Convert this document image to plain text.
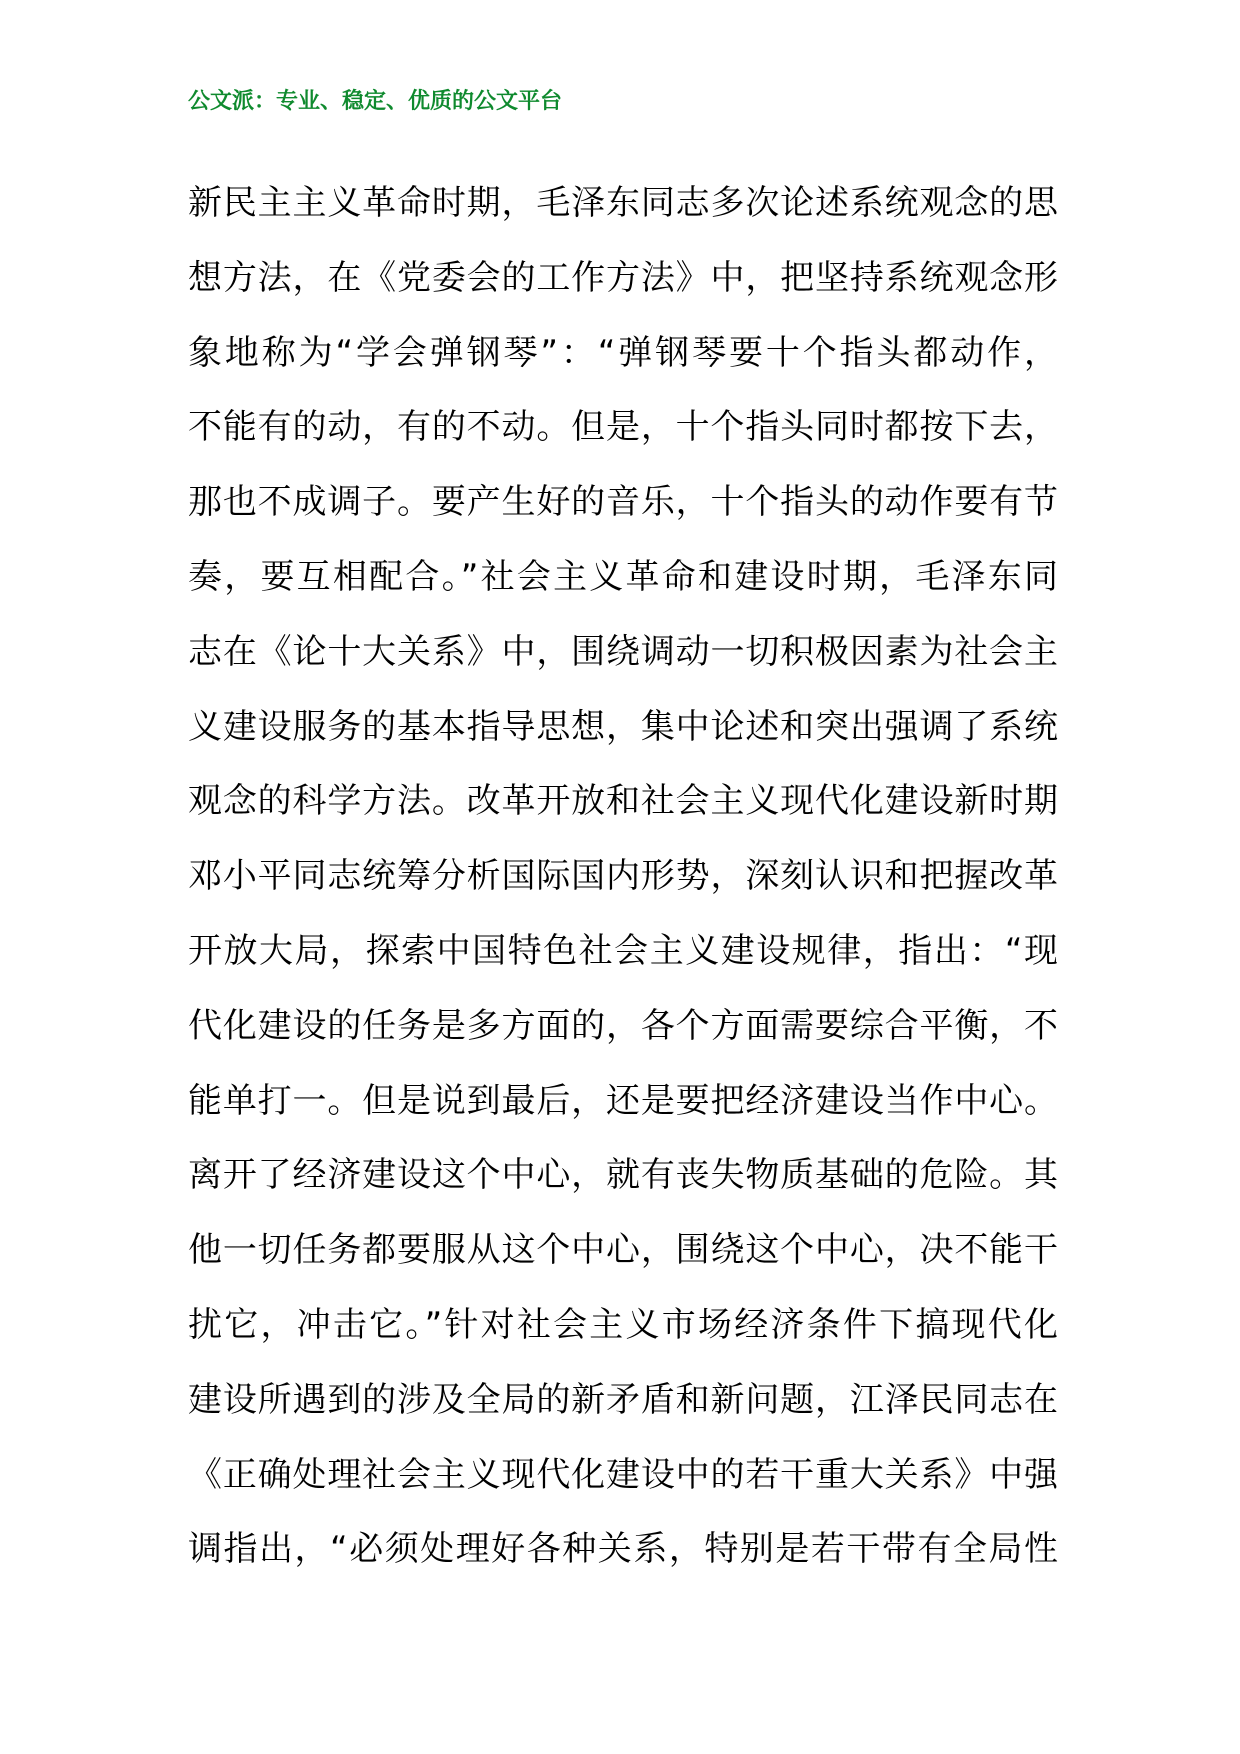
公文派：专业、稳定、优质的公文平台
新民主主义革命时期，毛泽东同志多次论述系统观念的思
想方法，在《党委会的工作方法》中，把坚持系统观念形
象地称为“学会弹钢琴”：“弹钢琴要十个指头都动作，
不能有的动，有的不动。但是，十个指头同时都按下去，
那也不成调子。要产生好的音乐，十个指头的动作要有节
奏，要互相配合。”社会主义革命和建设时期，毛泽东同
志在《论十大关系》中，围绕调动一切积极因素为社会主
义建设服务的基本指导思想，集中论述和突出强调了系统
观念的科学方法。改革开放和社会主义现代化建设新时期
邓小平同志统筹分析国际国内形势，深刻认识和把握改革
开放大局，探索中国特色社会主义建设规律，指出：“现
代化建设的任务是多方面的，各个方面需要综合平衡，不
能单打一。但是说到最后，还是要把经济建设当作中心。
离开了经济建设这个中心，就有丧失物质基础的危险。其
他一切任务都要服从这个中心，围绕这个中心，决不能干
扰它，冲击它。”针对社会主义市场经济条件下搞现代化
建设所遇到的涉及全局的新矛盾和新问题，江泽民同志在
《正确处理社会主义现代化建设中的若干重大关系》中强
调指出，“必须处理好各种关系，特别是若干带有全局性
